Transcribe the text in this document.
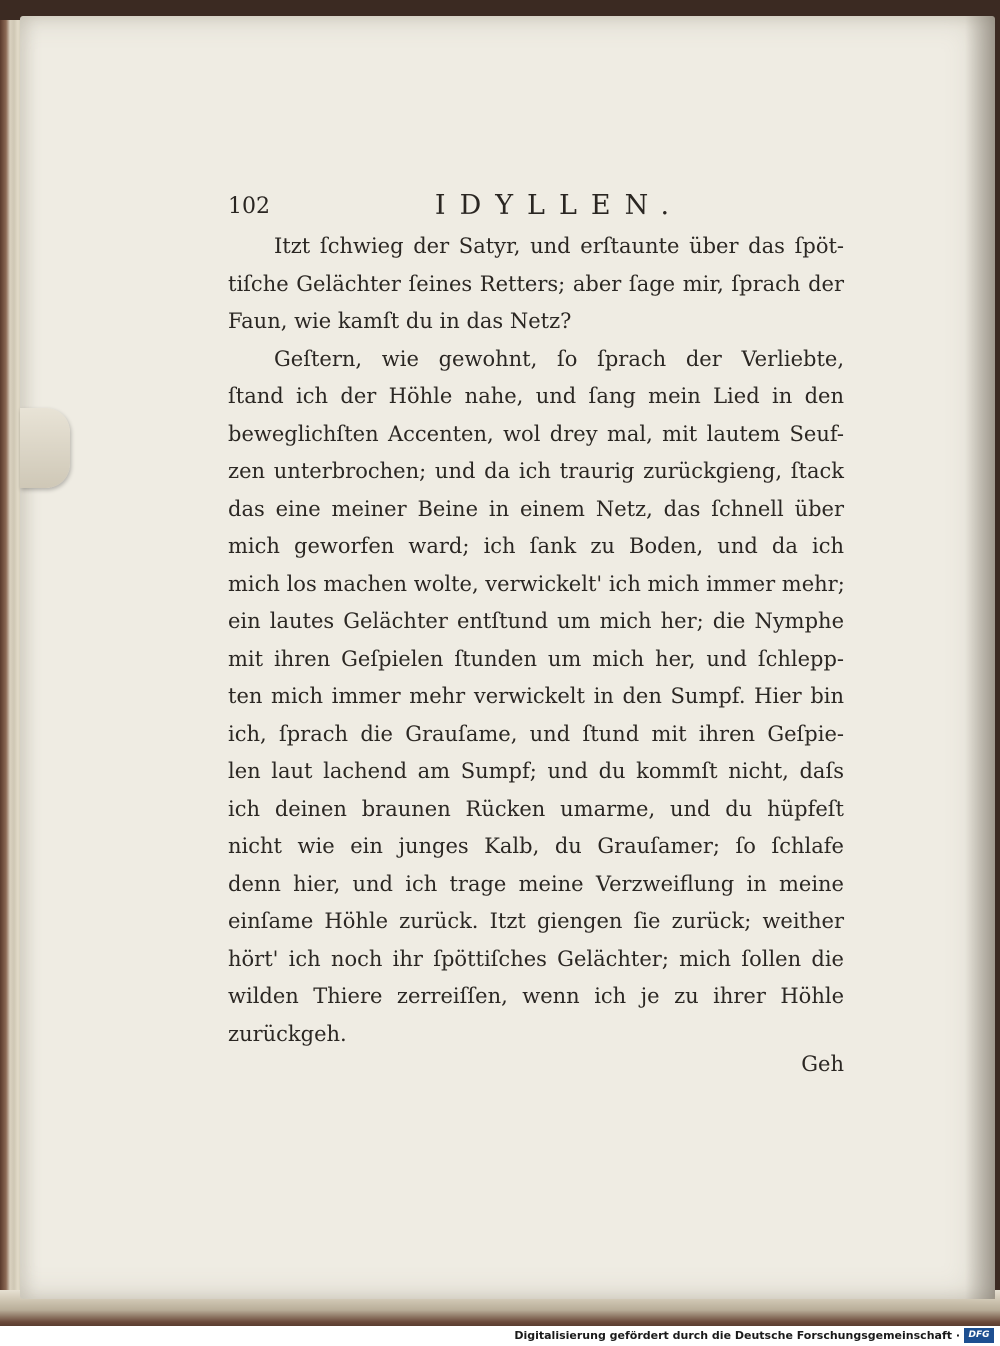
102	IDYLLEN.
Itzt ſchwieg der Satyr, und erſtaunte über das ſpöt-
tiſche Gelächter ſeines Retters; aber ſage mir, ſprach der
Faun, wie kamſt du in das Netz?
Geſtern, wie gewohnt, ſo ſprach der Verliebte,
ſtand ich der Höhle nahe, und ſang mein Lied in den
beweglichſten Accenten, wol drey mal, mit lautem Seuf-
zen unterbrochen; und da ich traurig zurückgieng, ſtack
das eine meiner Beine in einem Netz, das ſchnell über
mich geworfen ward; ich ſank zu Boden, und da ich
mich los machen wolte, verwickelt' ich mich immer mehr;
ein lautes Gelächter entſtund um mich her; die Nymphe
mit ihren Geſpielen ſtunden um mich her, und ſchlepp-
ten mich immer mehr verwickelt in den Sumpf. Hier bin
ich, ſprach die Grauſame, und ſtund mit ihren Geſpie-
len laut lachend am Sumpf; und du kommſt nicht, daſs
ich deinen braunen Rücken umarme, und du hüpfeſt
nicht wie ein junges Kalb, du Grauſamer; ſo ſchlafe
denn hier, und ich trage meine Verzweiflung in meine
einſame Höhle zurück. Itzt giengen ſie zurück; weither
hört' ich noch ihr ſpöttiſches Gelächter; mich ſollen die
wilden Thiere zerreiſſen, wenn ich je zu ihrer Höhle
zurückgeh.
Geh
Digitalisierung gefördert durch die Deutsche Forschungsgemeinschaft · DFG
